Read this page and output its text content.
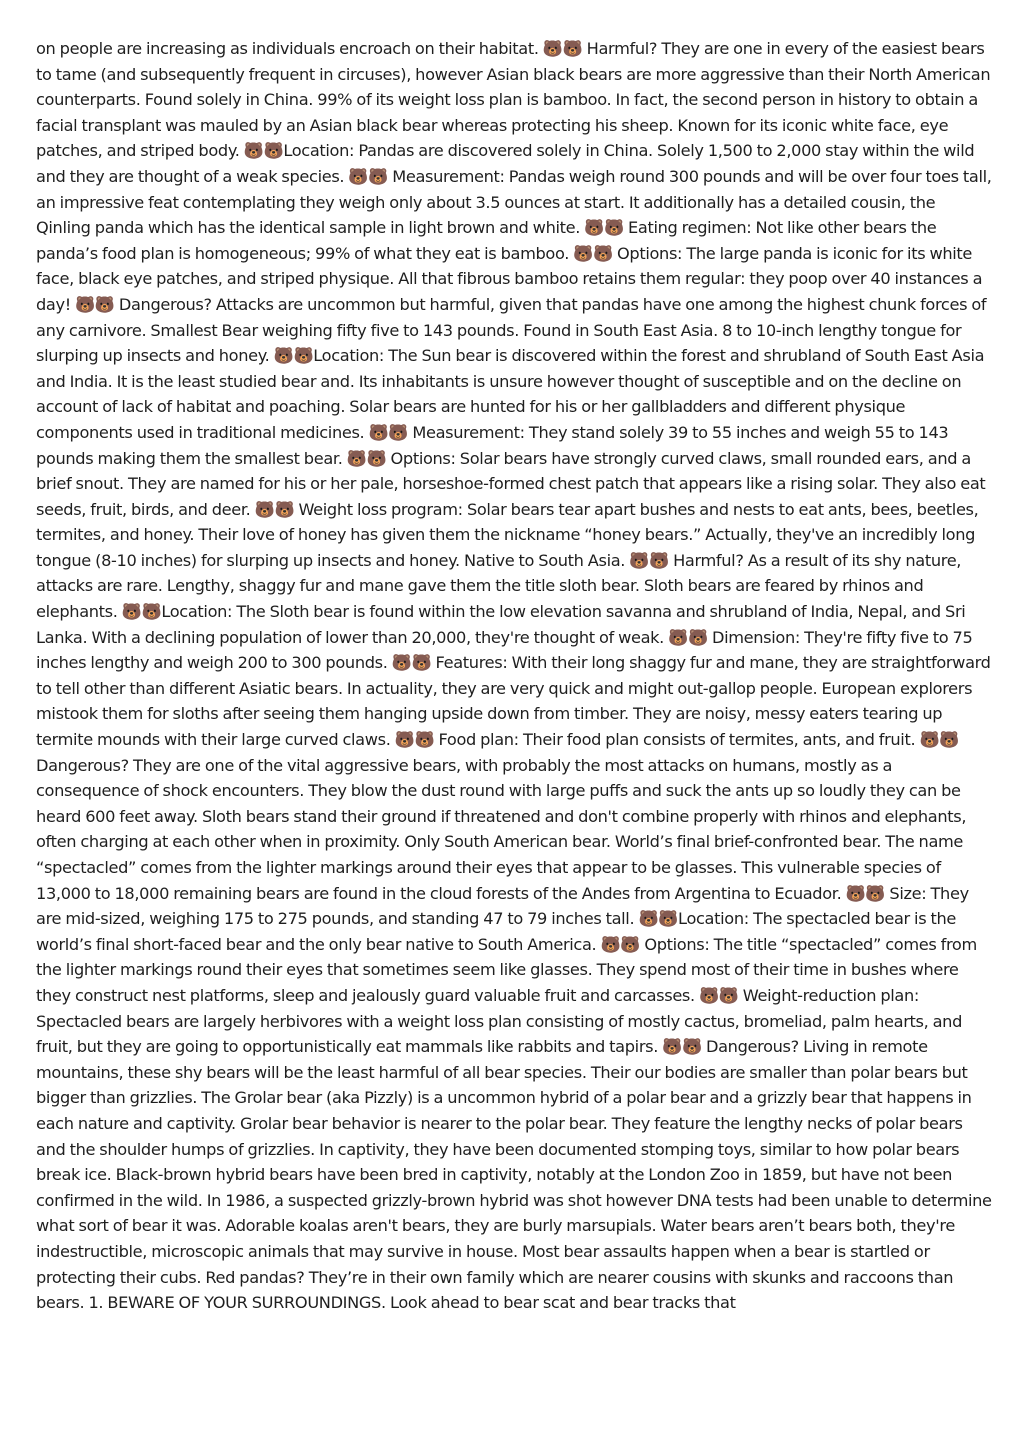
on people are increasing as individuals encroach on their habitat. 🐻🐻 Harmful? They are one in every of the easiest bears to tame (and subsequently frequent in circuses), however Asian black bears are more aggressive than their North American counterparts. Found solely in China. 99% of its weight loss plan is bamboo. In fact, the second person in history to obtain a facial transplant was mauled by an Asian black bear whereas protecting his sheep. Known for its iconic white face, eye patches, and striped body. 🐻🐻Location: Pandas are discovered solely in China. Solely 1,500 to 2,000 stay within the wild and they are thought of a weak species. 🐻🐻 Measurement: Pandas weigh round 300 pounds and will be over four toes tall, an impressive feat contemplating they weigh only about 3.5 ounces at start. It additionally has a detailed cousin, the Qinling panda which has the identical sample in light brown and white. 🐻🐻 Eating regimen: Not like other bears the panda’s food plan is homogeneous; 99% of what they eat is bamboo. 🐻🐻 Options: The large panda is iconic for its white face, black eye patches, and striped physique. All that fibrous bamboo retains them regular: they poop over 40 instances a day! 🐻🐻 Dangerous? Attacks are uncommon but harmful, given that pandas have one among the highest chunk forces of any carnivore. Smallest Bear weighing fifty five to 143 pounds. Found in South East Asia. 8 to 10-inch lengthy tongue for slurping up insects and honey. 🐻🐻Location: The Sun bear is discovered within the forest and shrubland of South East Asia and India. It is the least studied bear and. Its inhabitants is unsure however thought of susceptible and on the decline on account of lack of habitat and poaching. Solar bears are hunted for his or her gallbladders and different physique components used in traditional medicines. 🐻🐻 Measurement: They stand solely 39 to 55 inches and weigh 55 to 143 pounds making them the smallest bear. 🐻🐻 Options: Solar bears have strongly curved claws, small rounded ears, and a brief snout. They are named for his or her pale, horseshoe-formed chest patch that appears like a rising solar. They also eat seeds, fruit, birds, and deer. 🐻🐻 Weight loss program: Solar bears tear apart bushes and nests to eat ants, bees, beetles, termites, and honey. Their love of honey has given them the nickname “honey bears.” Actually, they've an incredibly long tongue (8-10 inches) for slurping up insects and honey. Native to South Asia. 🐻🐻 Harmful? As a result of its shy nature, attacks are rare. Lengthy, shaggy fur and mane gave them the title sloth bear. Sloth bears are feared by rhinos and elephants. 🐻🐻Location: The Sloth bear is found within the low elevation savanna and shrubland of India, Nepal, and Sri Lanka. With a declining population of lower than 20,000, they're thought of weak. 🐻🐻 Dimension: They're fifty five to 75 inches lengthy and weigh 200 to 300 pounds. 🐻🐻 Features: With their long shaggy fur and mane, they are straightforward to tell other than different Asiatic bears. In actuality, they are very quick and might out-gallop people. European explorers mistook them for sloths after seeing them hanging upside down from timber. They are noisy, messy eaters tearing up termite mounds with their large curved claws. 🐻🐻 Food plan: Their food plan consists of termites, ants, and fruit. 🐻🐻 Dangerous? They are one of the vital aggressive bears, with probably the most attacks on humans, mostly as a consequence of shock encounters. They blow the dust round with large puffs and suck the ants up so loudly they can be heard 600 feet away. Sloth bears stand their ground if threatened and don't combine properly with rhinos and elephants, often charging at each other when in proximity. Only South American bear. World’s final brief-confronted bear. The name “spectacled” comes from the lighter markings around their eyes that appear to be glasses. This vulnerable species of 13,000 to 18,000 remaining bears are found in the cloud forests of the Andes from Argentina to Ecuador. 🐻🐻 Size: They are mid-sized, weighing 175 to 275 pounds, and standing 47 to 79 inches tall. 🐻🐻Location: The spectacled bear is the world’s final short-faced bear and the only bear native to South America. 🐻🐻 Options: The title “spectacled” comes from the lighter markings round their eyes that sometimes seem like glasses. They spend most of their time in bushes where they construct nest platforms, sleep and jealously guard valuable fruit and carcasses. 🐻🐻 Weight-reduction plan: Spectacled bears are largely herbivores with a weight loss plan consisting of mostly cactus, bromeliad, palm hearts, and fruit, but they are going to opportunistically eat mammals like rabbits and tapirs. 🐻🐻 Dangerous? Living in remote mountains, these shy bears will be the least harmful of all bear species. Their our bodies are smaller than polar bears but bigger than grizzlies. The Grolar bear (aka Pizzly) is a uncommon hybrid of a polar bear and a grizzly bear that happens in each nature and captivity. Grolar bear behavior is nearer to the polar bear. They feature the lengthy necks of polar bears and the shoulder humps of grizzlies. In captivity, they have been documented stomping toys, similar to how polar bears break ice. Black-brown hybrid bears have been bred in captivity, notably at the London Zoo in 1859, but have not been confirmed in the wild. In 1986, a suspected grizzly-brown hybrid was shot however DNA tests had been unable to determine what sort of bear it was. Adorable koalas aren't bears, they are burly marsupials. Water bears aren’t bears both, they're indestructible, microscopic animals that may survive in house. Most bear assaults happen when a bear is startled or protecting their cubs. Red pandas? They’re in their own family which are nearer cousins with skunks and raccoons than bears. 1. BEWARE OF YOUR SURROUNDINGS. Look ahead to bear scat and bear tracks that
